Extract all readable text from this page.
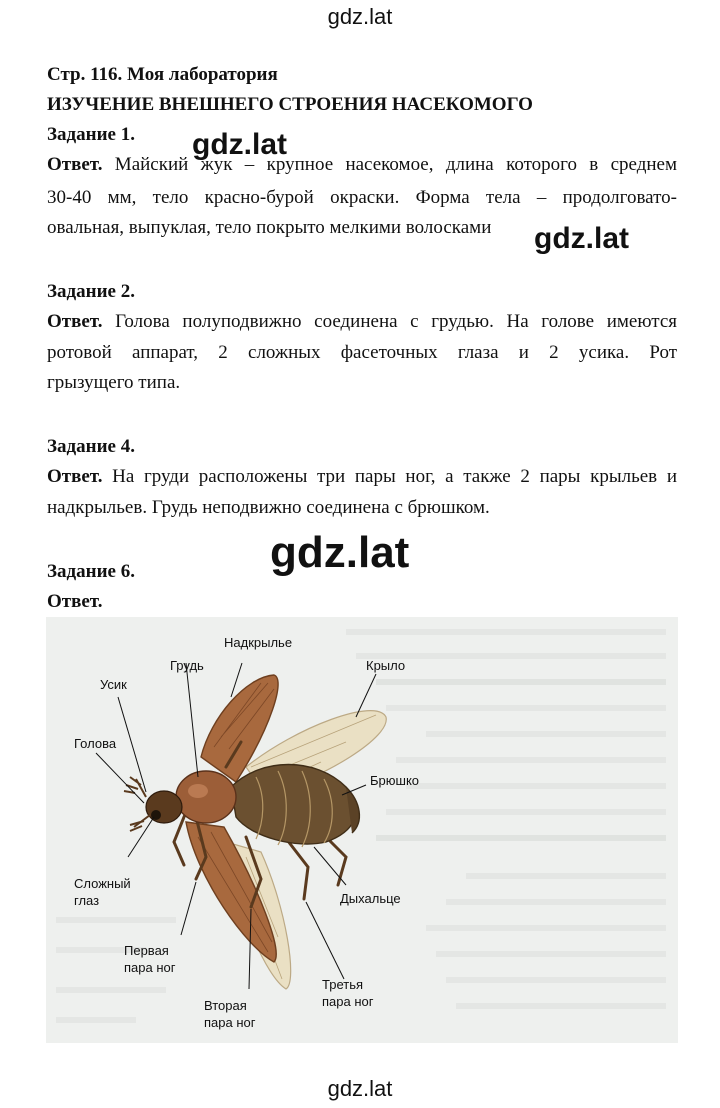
gdz.lat
gdz.lat
gdz.lat
gdz.lat
gdz.lat
Стр. 116. Моя лаборатория
ИЗУЧЕНИЕ ВНЕШНЕГО СТРОЕНИЯ НАСЕКОМОГО
Задание 1.
Ответ. Майский жук – крупное насекомое, длина которого в среднем
30-40 мм, тело красно-бурой окраски. Форма тела – продолговато-
овальная, выпуклая, тело покрыто мелкими волосками
Задание 2.
Ответ. Голова полуподвижно соединена с грудью. На голове имеются
ротовой аппарат, 2 сложных фасеточных глаза и 2 усика. Рот
грызущего типа.
Задание 4.
Ответ. На груди расположены три пары ног, а также 2 пары крыльев и
надкрыльев. Грудь неподвижно соединена с брюшком.
Задание 6.
Ответ.
Надкрылье
Грудь	Крыло
Усик
Голова
Брюшко
Сложный
глаз	Дыхальце
Первая
пара ног
Третья
пара ног
Вторая
пара ног
